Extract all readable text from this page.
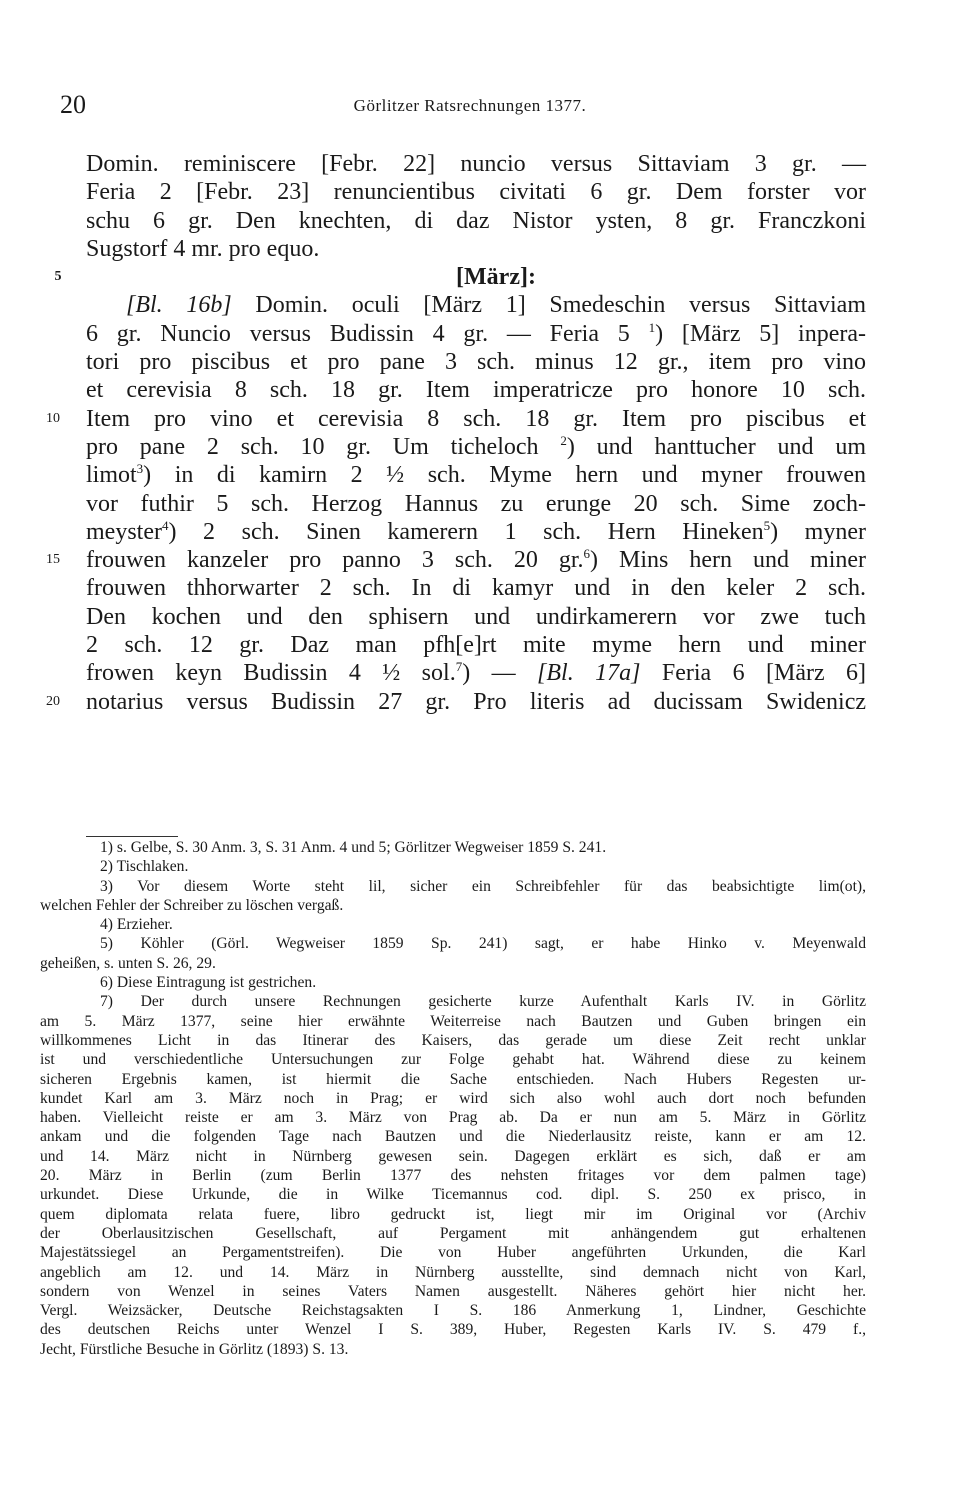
20	Görlitzer Ratsrechnungen 1377.
Domin. reminiscere [Febr. 22] nuncio versus Sittaviam 3 gr. —
Feria 2 [Febr. 23] renuncientibus civitati 6 gr. Dem forster vor
schu 6 gr. Den knechten, di daz Nistor ysten, 8 gr. Franczkoni
Sugstorf 4 mr. pro equo.
5	[März]:
[Bl. 16b] Domin. oculi [März 1] Smedeschin versus Sittaviam
6 gr. Nuncio versus Budissin 4 gr. — Feria 5 $^1$) [März 5] inpera-
tori pro piscibus et pro pane 3 sch. minus 12 gr., item pro vino
et cerevisia 8 sch. 18 gr. Item imperatricze pro honore 10 sch.
10	Item pro vino et cerevisia 8 sch. 18 gr. Item pro piscibus et
pro pane 2 sch. 10 gr. Um ticheloch $^2$) und hanttucher und um
limot$^3$) in di kamirn 2 ½ sch. Myme hern und myner frouwen
vor futhir 5 sch. Herzog Hannus zu erunge 20 sch. Sime zoch-
meyster$^4$) 2 sch. Sinen kamerern 1 sch. Hern Hineken$^5$) myner
15	frouwen kanzeler pro panno 3 sch. 20 gr.$^6$) Mins hern und miner
frouwen thhorwarter 2 sch. In di kamyr und in den keler 2 sch.
Den kochen und den sphisern und undirkamerern vor zwe tuch
2 sch. 12 gr. Daz man pfh[e]rt mite myme hern und miner
frowen keyn Budissin 4 ½ sol.$^7$) — [Bl. 17a] Feria 6 [März 6]
20	notarius versus Budissin 27 gr. Pro literis ad ducissam Swidenicz
1) s. Gelbe, S. 30 Anm. 3, S. 31 Anm. 4 und 5; Görlitzer Wegweiser 1859 S. 241.
2) Tischlaken.
3) Vor diesem Worte steht lil, sicher ein Schreibfehler für das beabsichtigte lim(ot),
welchen Fehler der Schreiber zu löschen vergaß.
4) Erzieher.
5) Köhler (Görl. Wegweiser 1859 Sp. 241) sagt, er habe Hinko v. Meyenwald
geheißen, s. unten S. 26, 29.
6) Diese Eintragung ist gestrichen.
7) Der durch unsere Rechnungen gesicherte kurze Aufenthalt Karls IV. in Görlitz
am 5. März 1377, seine hier erwähnte Weiterreise nach Bautzen und Guben bringen ein
willkommenes Licht in das Itinerar des Kaisers, das gerade um diese Zeit recht unklar
ist und verschiedentliche Untersuchungen zur Folge gehabt hat. Während diese zu keinem
sicheren Ergebnis kamen, ist hiermit die Sache entschieden. Nach Hubers Regesten ur-
kundet Karl am 3. März noch in Prag; er wird sich also wohl auch dort noch befunden
haben. Vielleicht reiste er am 3. März von Prag ab. Da er nun am 5. März in Görlitz
ankam und die folgenden Tage nach Bautzen und die Niederlausitz reiste, kann er am 12.
und 14. März nicht in Nürnberg gewesen sein. Dagegen erklärt es sich, daß er am
20. März in Berlin (zum Berlin 1377 des nehsten fritages vor dem palmen tage)
urkundet. Diese Urkunde, die in Wilke Ticemannus cod. dipl. S. 250 ex prisco, in
quem diplomata relata fuere, libro gedruckt ist, liegt mir im Original vor (Archiv
der Oberlausitzischen Gesellschaft, auf Pergament mit anhängendem gut erhaltenen
Majestätssiegel an Pergamentstreifen). Die von Huber angeführten Urkunden, die Karl
angeblich am 12. und 14. März in Nürnberg ausstellte, sind demnach nicht von Karl,
sondern von Wenzel in seines Vaters Namen ausgestellt. Näheres gehört hier nicht her.
Vergl. Weizsäcker, Deutsche Reichstagsakten I S. 186 Anmerkung 1, Lindner, Geschichte
des deutschen Reichs unter Wenzel I S. 389, Huber, Regesten Karls IV. S. 479 f.,
Jecht, Fürstliche Besuche in Görlitz (1893) S. 13.
